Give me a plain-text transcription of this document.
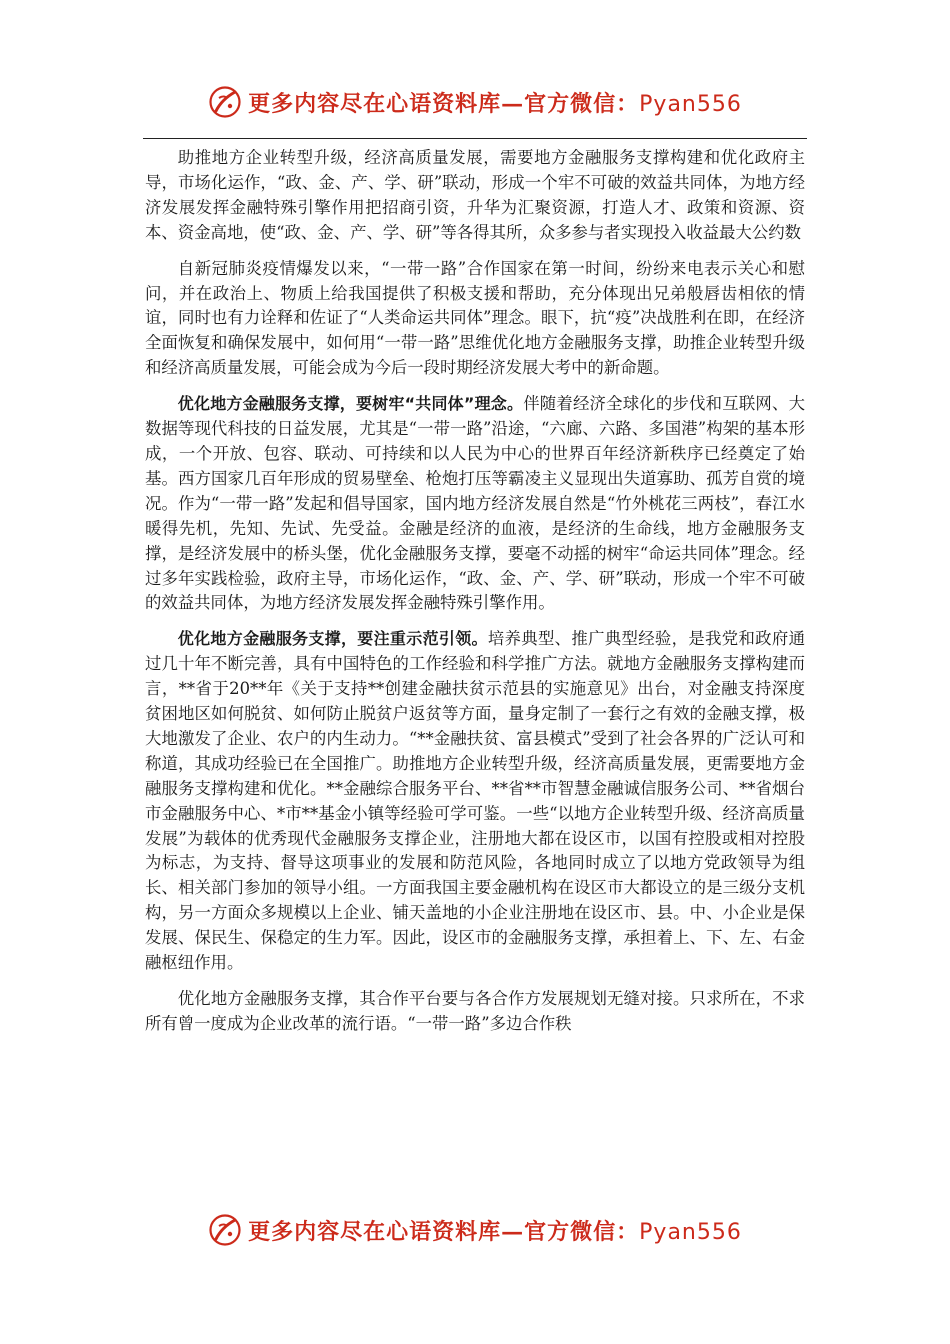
更多内容尽在心语资料库—官方微信：Pyan556

助推地方企业转型升级，经济高质量发展，需要地方金融服务支撑构建和优化政府主导，市场化运作，“政、金、产、学、研”联动，形成一个牢不可破的效益共同体，为地方经济发展发挥金融特殊引擎作用把招商引资，升华为汇聚资源，打造人才、政策和资源、资本、资金高地，使“政、金、产、学、研”等各得其所，众多参与者实现投入收益最大公约数

自新冠肺炎疫情爆发以来，“一带一路”合作国家在第一时间，纷纷来电表示关心和慰问，并在政治上、物质上给我国提供了积极支援和帮助，充分体现出兄弟般唇齿相依的情谊，同时也有力诠释和佐证了“人类命运共同体”理念。眼下，抗“疫”决战胜利在即，在经济全面恢复和确保发展中，如何用“一带一路”思维优化地方金融服务支撑，助推企业转型升级和经济高质量发展，可能会成为今后一段时期经济发展大考中的新命题。

优化地方金融服务支撑，要树牢“共同体”理念。伴随着经济全球化的步伐和互联网、大数据等现代科技的日益发展，尤其是“一带一路”沿途，“六廊、六路、多国港”构架的基本形成，一个开放、包容、联动、可持续和以人民为中心的世界百年经济新秩序已经奠定了始基。西方国家几百年形成的贸易壁垒、枪炮打压等霸凌主义显现出失道寡助、孤芳自赏的境况。作为“一带一路”发起和倡导国家，国内地方经济发展自然是“竹外桃花三两枝”，春江水暖得先机，先知、先试、先受益。金融是经济的血液，是经济的生命线，地方金融服务支撑，是经济发展中的桥头堡，优化金融服务支撑，要毫不动摇的树牢“命运共同体”理念。经过多年实践检验，政府主导，市场化运作，“政、金、产、学、研”联动，形成一个牢不可破的效益共同体，为地方经济发展发挥金融特殊引擎作用。

优化地方金融服务支撑，要注重示范引领。培养典型、推广典型经验，是我党和政府通过几十年不断完善，具有中国特色的工作经验和科学推广方法。就地方金融服务支撑构建而言，**省于20**年《关于支持**创建金融扶贫示范县的实施意见》出台，对金融支持深度贫困地区如何脱贫、如何防止脱贫户返贫等方面，量身定制了一套行之有效的金融支撑，极大地激发了企业、农户的内生动力。“**金融扶贫、富县模式”受到了社会各界的广泛认可和称道，其成功经验已在全国推广。助推地方企业转型升级，经济高质量发展，更需要地方金融服务支撑构建和优化。**金融综合服务平台、**省**市智慧金融诚信服务公司、**省烟台市金融服务中心、*市**基金小镇等经验可学可鉴。一些“以地方企业转型升级、经济高质量发展”为载体的优秀现代金融服务支撑企业，注册地大都在设区市，以国有控股或相对控股为标志，为支持、督导这项事业的发展和防范风险，各地同时成立了以地方党政领导为组长、相关部门参加的领导小组。一方面我国主要金融机构在设区市大都设立的是三级分支机构，另一方面众多规模以上企业、铺天盖地的小企业注册地在设区市、县。中、小企业是保发展、保民生、保稳定的生力军。因此，设区市的金融服务支撑，承担着上、下、左、右金融枢纽作用。

优化地方金融服务支撑，其合作平台要与各合作方发展规划无缝对接。只求所在，不求所有曾一度成为企业改革的流行语。“一带一路”多边合作秩

更多内容尽在心语资料库—官方微信：Pyan556
